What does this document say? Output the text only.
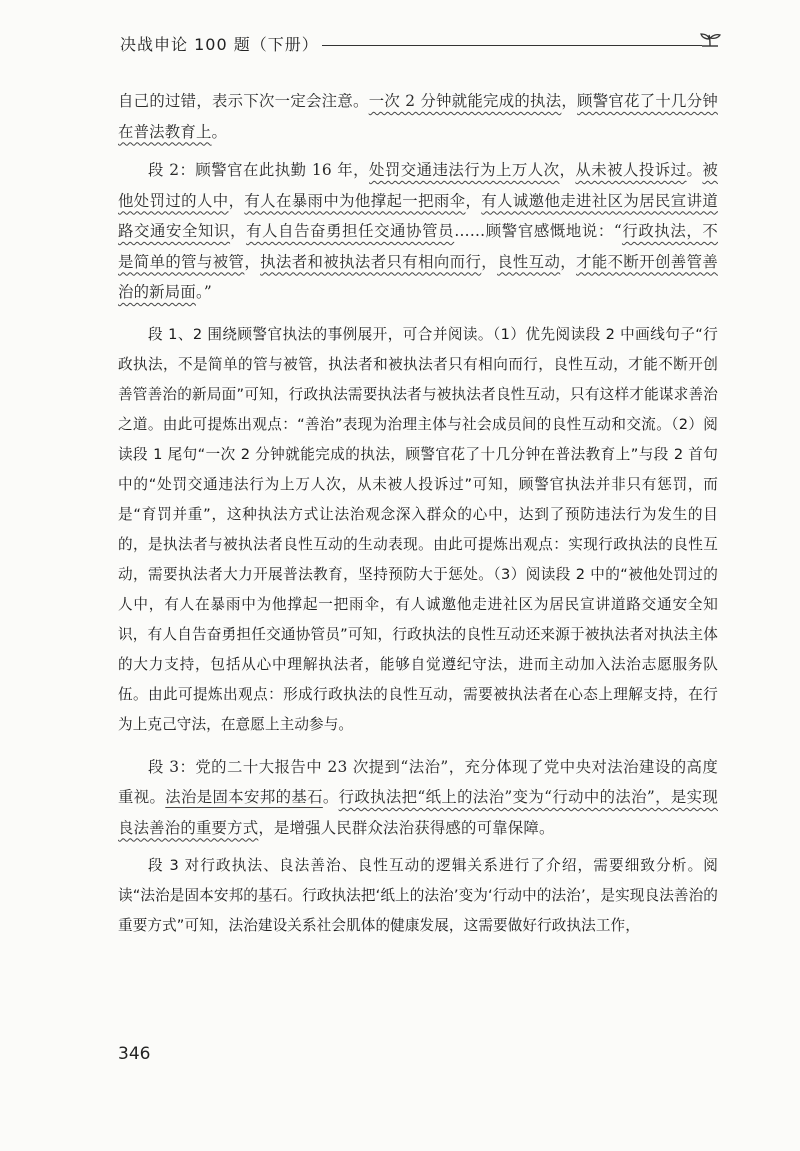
决战申论 100 题（下册）

自己的过错，表示下次一定会注意。一次 2 分钟就能完成的执法，顾警官花了十几分钟在普法教育上。

段 2：顾警官在此执勤 16 年，处罚交通违法行为上万人次，从未被人投诉过。被他处罚过的人中，有人在暴雨中为他撑起一把雨伞，有人诚邀他走进社区为居民宣讲道路交通安全知识，有人自告奋勇担任交通协管员……顾警官感慨地说：“行政执法，不是简单的管与被管，执法者和被执法者只有相向而行，良性互动，才能不断开创善管善治的新局面。”

段 1、2 围绕顾警官执法的事例展开，可合并阅读。（1）优先阅读段 2 中画线句子“行政执法，不是简单的管与被管，执法者和被执法者只有相向而行，良性互动，才能不断开创善管善治的新局面”可知，行政执法需要执法者与被执法者良性互动，只有这样才能谋求善治之道。由此可提炼出观点：“善治”表现为治理主体与社会成员间的良性互动和交流。（2）阅读段 1 尾句“一次 2 分钟就能完成的执法，顾警官花了十几分钟在普法教育上”与段 2 首句中的“处罚交通违法行为上万人次，从未被人投诉过”可知，顾警官执法并非只有惩罚，而是“育罚并重”，这种执法方式让法治观念深入群众的心中，达到了预防违法行为发生的目的，是执法者与被执法者良性互动的生动表现。由此可提炼出观点：实现行政执法的良性互动，需要执法者大力开展普法教育，坚持预防大于惩处。（3）阅读段 2 中的“被他处罚过的人中，有人在暴雨中为他撑起一把雨伞，有人诚邀他走进社区为居民宣讲道路交通安全知识，有人自告奋勇担任交通协管员”可知，行政执法的良性互动还来源于被执法者对执法主体的大力支持，包括从心中理解执法者，能够自觉遵纪守法，进而主动加入法治志愿服务队伍。由此可提炼出观点：形成行政执法的良性互动，需要被执法者在心态上理解支持，在行为上克己守法，在意愿上主动参与。

段 3：党的二十大报告中 23 次提到“法治”，充分体现了党中央对法治建设的高度重视。法治是固本安邦的基石。行政执法把“纸上的法治”变为“行动中的法治”，是实现良法善治的重要方式，是增强人民群众法治获得感的可靠保障。

段 3 对行政执法、良法善治、良性互动的逻辑关系进行了介绍，需要细致分析。阅读“法治是固本安邦的基石。行政执法把‘纸上的法治’变为‘行动中的法治’，是实现良法善治的重要方式”可知，法治建设关系社会肌体的健康发展，这需要做好行政执法工作，

346
